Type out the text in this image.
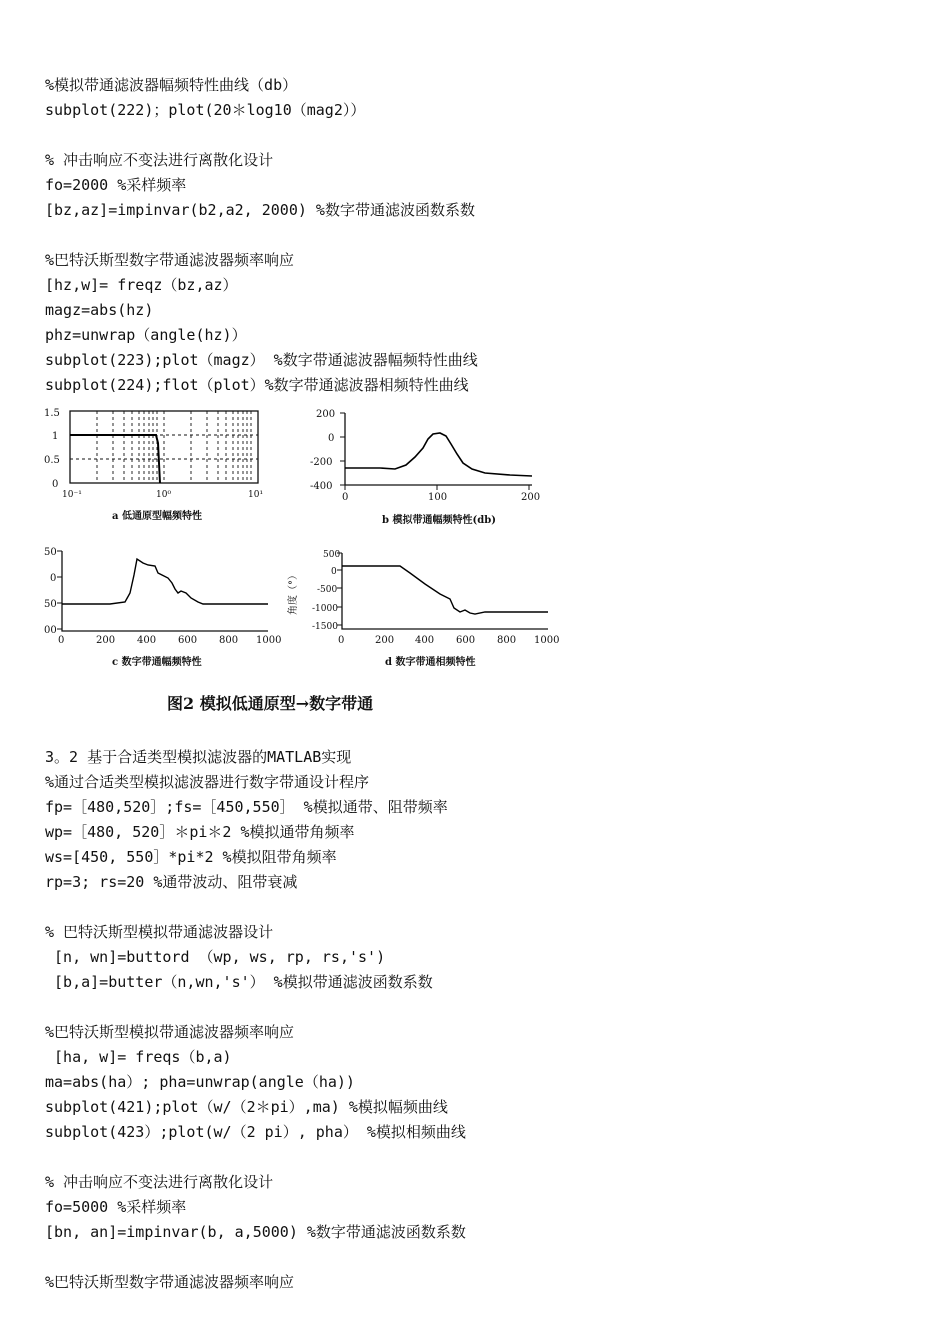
%模拟带通滤波器幅频特性曲线（db）
subplot(222)；plot(20＊log10（mag2））
% 冲击响应不变法进行离散化设计
fo=2000 %采样频率
[bz,az]=impinvar(b2,a2, 2000) %数字带通滤波函数系数
%巴特沃斯型数字带通滤波器频率响应
[hz,w]= freqz（bz,az）
magz=abs(hz)
phz=unwrap（angle(hz)）
subplot(223);plot（magz） %数字带通滤波器幅频特性曲线
subplot(224);flot（plot）%数字带通滤波器相频特性曲线
1.5
1
0.5
0
10⁻¹	10⁰	10¹
a 低通原型幅频特性
200
0
-200
-400
0	100	200
b 模拟带通幅频特性(db)
50
0
50
00
0	200 400 600 800 1000
c 数字带通幅频特性
500
0
-500
-1000
-1500
角度（°）
0	200 400 600 800 1000
d 数字带通相频特性
图2 模拟低通原型→数字带通
3。2 基于合适类型模拟滤波器的MATLAB实现
%通过合适类型模拟滤波器进行数字带通设计程序
fp=［480,520］;fs=［450,550］ %模拟通带、阻带频率
wp=［480, 520］＊pi＊2 %模拟通带角频率
ws=[450, 550］*pi*2 %模拟阻带角频率
rp=3; rs=20 %通带波动、阻带衰减
% 巴特沃斯型模拟带通滤波器设计
[n, wn]=buttord （wp, ws, rp, rs,'s')
[b,a]=butter（n,wn,'s'） %模拟带通滤波函数系数
%巴特沃斯型模拟带通滤波器频率响应
[ha, w]= freqs（b,a)
ma=abs(ha）; pha=unwrap(angle（ha))
subplot(421);plot（w/（2＊pi）,ma) %模拟幅频曲线
subplot(423）;plot(w/（2 pi）, pha） %模拟相频曲线
% 冲击响应不变法进行离散化设计
fo=5000 %采样频率
[bn, an]=impinvar(b, a,5000) %数字带通滤波函数系数
%巴特沃斯型数字带通滤波器频率响应
